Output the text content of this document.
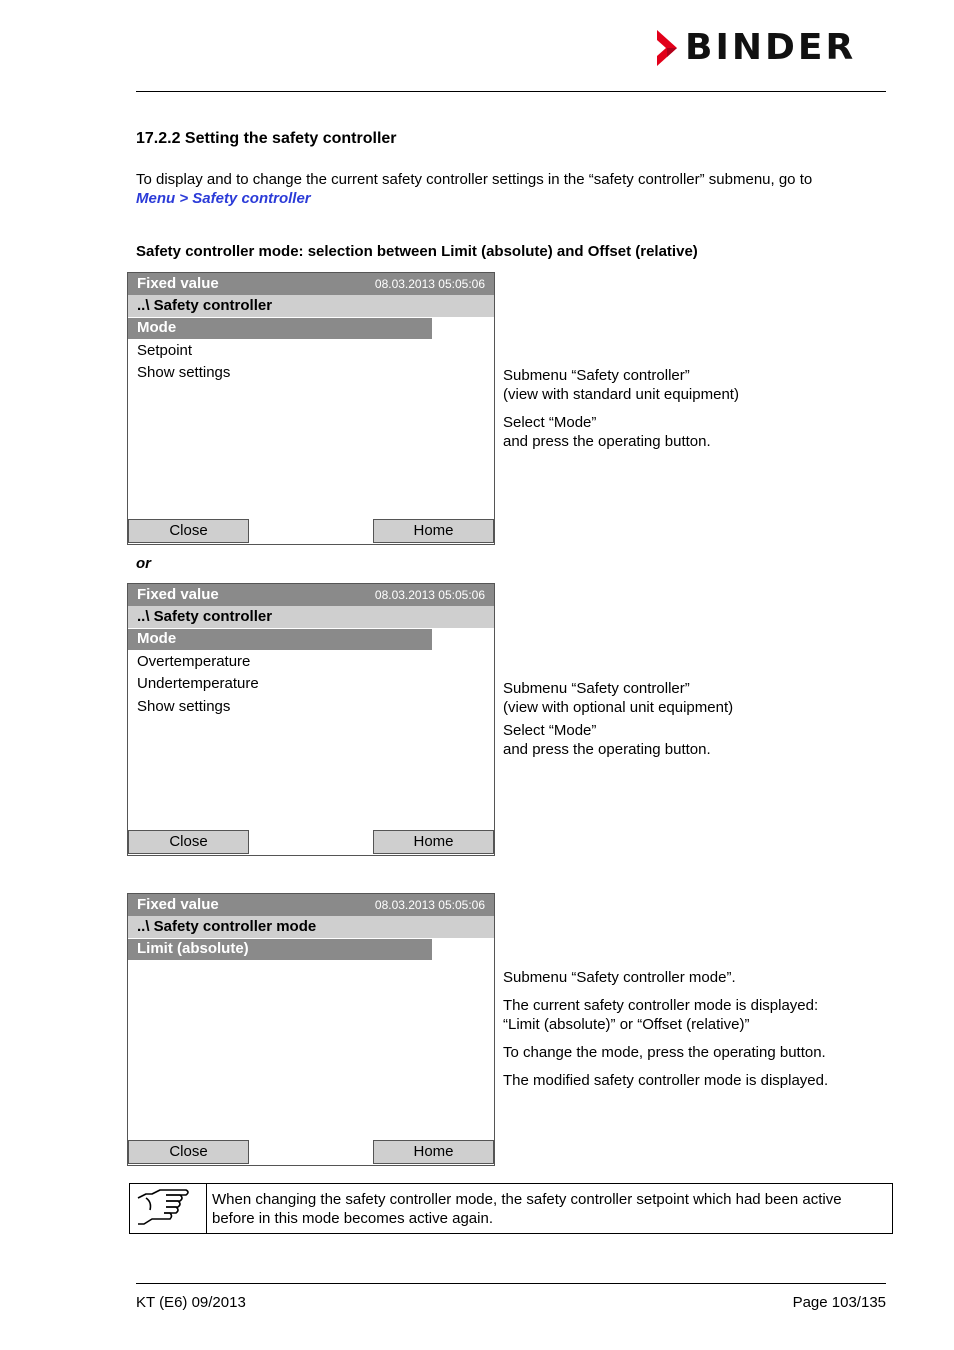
BINDER
17.2.2 Setting the safety controller
To display and to change the current safety controller settings in the “safety controller” submenu, go to
Menu > Safety controller
Safety controller mode: selection between Limit (absolute) and Offset (relative)
Fixed value	08.03.2013 05:05:06
..\ Safety controller
Mode
Setpoint
Show settings
Close	Home
Submenu “Safety controller”
(view with standard unit equipment)
Select “Mode”
and press the operating button.
or
Fixed value	08.03.2013 05:05:06
..\ Safety controller
Mode
Overtemperature
Undertemperature
Show settings
Close	Home
Submenu “Safety controller”
(view with optional unit equipment)
Select “Mode”
and press the operating button.
Fixed value	08.03.2013 05:05:06
..\ Safety controller mode
Limit (absolute)
Close	Home
Submenu “Safety controller mode”.
The current safety controller mode is displayed:
“Limit (absolute)” or “Offset (relative)”
To change the mode, press the operating button.
The modified safety controller mode is displayed.
When changing the safety controller mode, the safety controller setpoint which had been active before in this mode becomes active again.
KT (E6) 09/2013	Page 103/135
